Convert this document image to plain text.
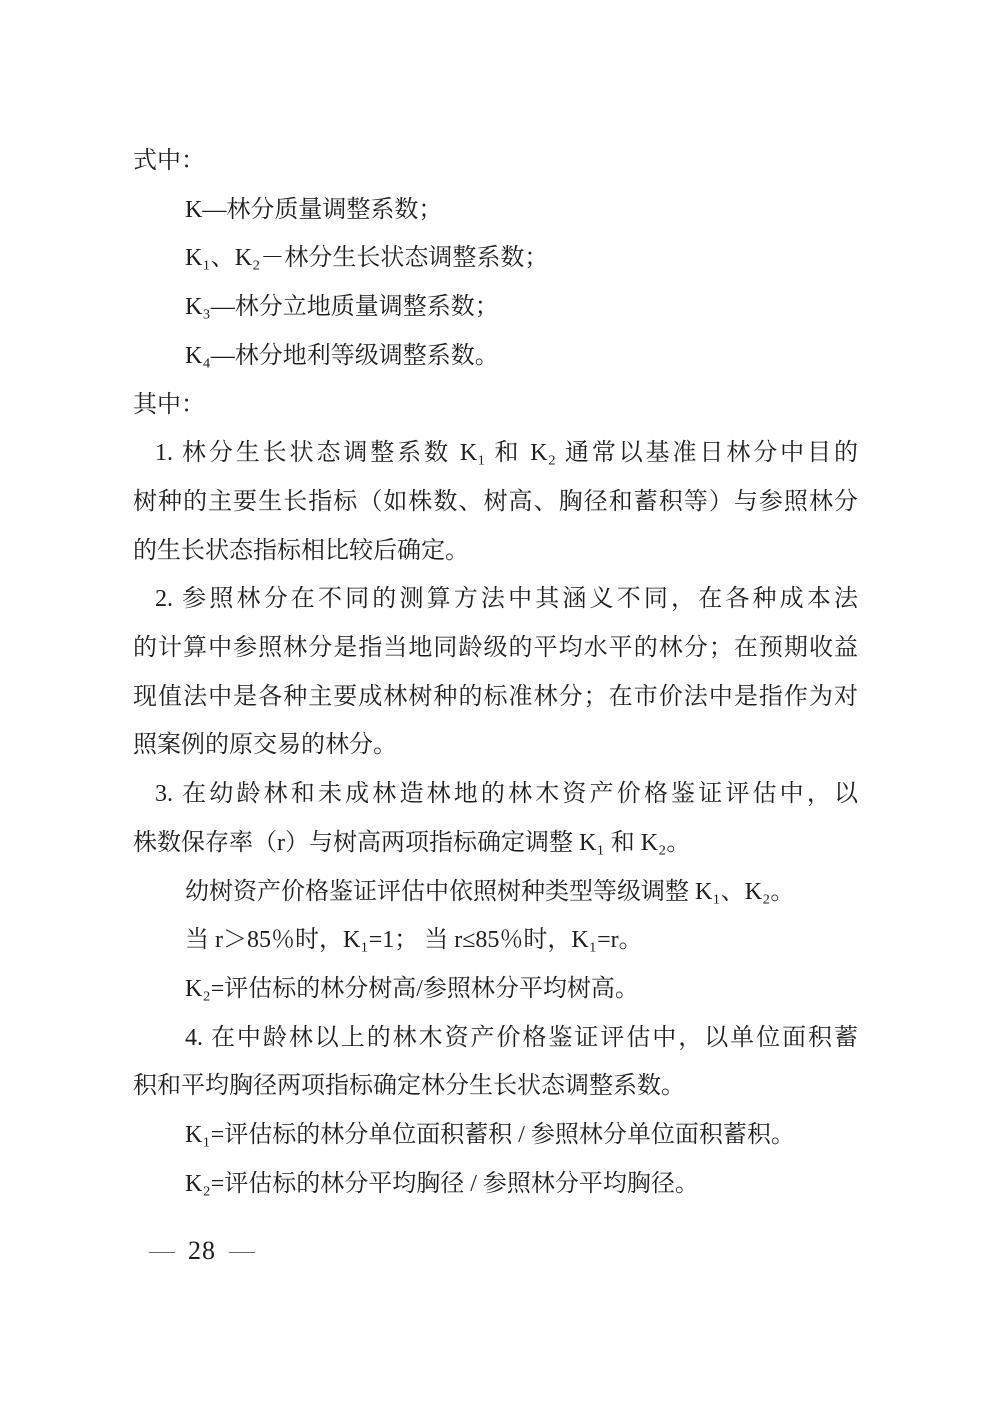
式中：
K—林分质量调整系数；
K₁、K₂－林分生长状态调整系数；
K₃—林分立地质量调整系数；
K₄—林分地利等级调整系数。
其中：
1. 林分生长状态调整系数 K₁ 和 K₂ 通常以基准日林分中目的
树种的主要生长指标（如株数、树高、胸径和蓄积等）与参照林分
的生长状态指标相比较后确定。
2. 参照林分在不同的测算方法中其涵义不同，在各种成本法
的计算中参照林分是指当地同龄级的平均水平的林分；在预期收益
现值法中是各种主要成林树种的标准林分；在市价法中是指作为对
照案例的原交易的林分。
3. 在幼龄林和未成林造林地的林木资产价格鉴证评估中，以
株数保存率（r）与树高两项指标确定调整 K₁ 和 K₂。
幼树资产价格鉴证评估中依照树种类型等级调整 K₁、K₂。
当 r＞85％时，K₁=1； 当 r≤85％时，K₁=r。
K₂=评估标的林分树高/参照林分平均树高。
4. 在中龄林以上的林木资产价格鉴证评估中，以单位面积蓄
积和平均胸径两项指标确定林分生长状态调整系数。
K₁=评估标的林分单位面积蓄积 / 参照林分单位面积蓄积。
K₂=评估标的林分平均胸径 / 参照林分平均胸径。
— 28 —
